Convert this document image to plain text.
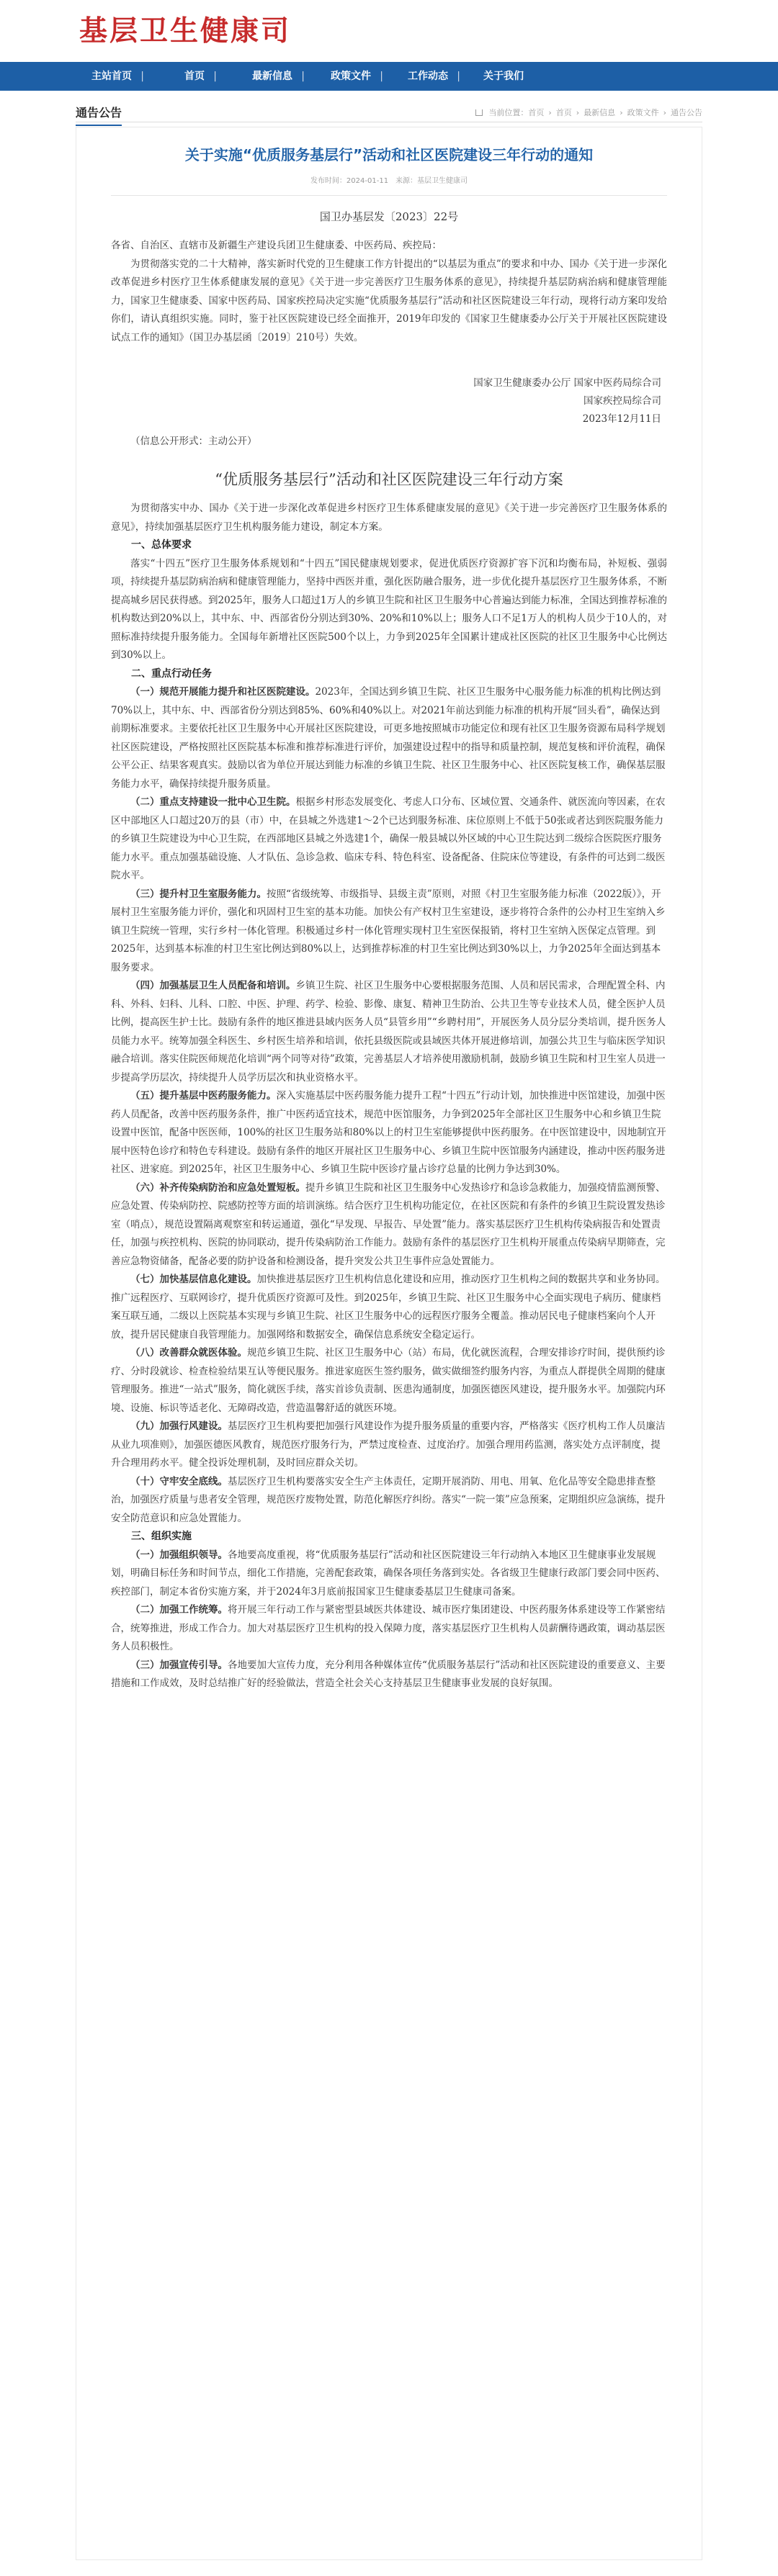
基层卫生健康司
主站首页 |	首页 |	最新信息 |	政策文件 |	工作动态 |	关于我们
通告公告	当前位置：首页 › 首页 › 最新信息 › 政策文件 › 通告公告
关于实施“优质服务基层行”活动和社区医院建设三年行动的通知
发布时间：2024-01-11 来源：基层卫生健康司
国卫办基层发〔2023〕22号
各省、自治区、直辖市及新疆生产建设兵团卫生健康委、中医药局、疾控局：
为贯彻落实党的二十大精神，落实新时代党的卫生健康工作方针提出的“以基层为重点”的要求和中办、国办《关于进一步深化改革促进乡村医疗卫生体系健康发展的意见》《关于进一步完善医疗卫生服务体系的意见》，持续提升基层防病治病和健康管理能力，国家卫生健康委、国家中医药局、国家疾控局决定实施“优质服务基层行”活动和社区医院建设三年行动，现将行动方案印发给你们，请认真组织实施。同时，鉴于社区医院建设已经全面推开，2019年印发的《国家卫生健康委办公厅关于开展社区医院建设试点工作的通知》（国卫办基层函〔2019〕210号）失效。
国家卫生健康委办公厅 国家中医药局综合司
国家疾控局综合司
2023年12月11日
（信息公开形式：主动公开）
“优质服务基层行”活动和社区医院建设三年行动方案
为贯彻落实中办、国办《关于进一步深化改革促进乡村医疗卫生体系健康发展的意见》《关于进一步完善医疗卫生服务体系的意见》，持续加强基层医疗卫生机构服务能力建设，制定本方案。
一、总体要求
落实“十四五”医疗卫生服务体系规划和“十四五”国民健康规划要求，促进优质医疗资源扩容下沉和均衡布局，补短板、强弱项，持续提升基层防病治病和健康管理能力，坚持中西医并重，强化医防融合服务，进一步优化提升基层医疗卫生服务体系，不断提高城乡居民获得感。到2025年，服务人口超过1万人的乡镇卫生院和社区卫生服务中心普遍达到能力标准，全国达到推荐标准的机构数达到20%以上，其中东、中、西部省份分别达到30%、20%和10%以上；服务人口不足1万人的机构人员少于10人的，对照标准持续提升服务能力。全国每年新增社区医院500个以上，力争到2025年全国累计建成社区医院的社区卫生服务中心比例达到30%以上。
二、重点行动任务
（一）规范开展能力提升和社区医院建设。2023年，全国达到乡镇卫生院、社区卫生服务中心服务能力标准的机构比例达到70%以上，其中东、中、西部省份分别达到85%、60%和40%以上。对2021年前达到能力标准的机构开展“回头看”，确保达到前期标准要求。主要依托社区卫生服务中心开展社区医院建设，可更多地按照城市功能定位和现有社区卫生服务资源布局科学规划社区医院建设，严格按照社区医院基本标准和推荐标准进行评价，加强建设过程中的指导和质量控制，规范复核和评价流程，确保公平公正、结果客观真实。鼓励以省为单位开展达到能力标准的乡镇卫生院、社区卫生服务中心、社区医院复核工作，确保基层服务能力水平，确保持续提升服务质量。
（二）重点支持建设一批中心卫生院。根据乡村形态发展变化、考虑人口分布、区域位置、交通条件、就医流向等因素，在农区中部地区人口超过20万的县（市）中，在县城之外选建1～2个已达到服务标准、床位原则上不低于50张或者达到医院服务能力的乡镇卫生院建设为中心卫生院，在西部地区县城之外选建1个，确保一般县城以外区域的中心卫生院达到二级综合医院医疗服务能力水平。重点加强基础设施、人才队伍、急诊急救、临床专科、特色科室、设备配备、住院床位等建设，有条件的可达到二级医院水平。
（三）提升村卫生室服务能力。按照“省级统筹、市级指导、县级主责”原则，对照《村卫生室服务能力标准（2022版）》，开展村卫生室服务能力评价，强化和巩固村卫生室的基本功能。加快公有产权村卫生室建设，逐步将符合条件的公办村卫生室纳入乡镇卫生院统一管理，实行乡村一体化管理。积极通过乡村一体化管理实现村卫生室医保报销，将村卫生室纳入医保定点管理。到2025年，达到基本标准的村卫生室比例达到80%以上，达到推荐标准的村卫生室比例达到30%以上，力争2025年全面达到基本服务要求。
（四）加强基层卫生人员配备和培训。乡镇卫生院、社区卫生服务中心要根据服务范围、人员和居民需求，合理配置全科、内科、外科、妇科、儿科、口腔、中医、护理、药学、检验、影像、康复、精神卫生防治、公共卫生等专业技术人员，健全医护人员比例，提高医生护士比。鼓励有条件的地区推进县域内医务人员“县管乡用”“乡聘村用”，开展医务人员分层分类培训，提升医务人员能力水平。统筹加强全科医生、乡村医生培养和培训，依托县级医院或县域医共体开展进修培训，加强公共卫生与临床医学知识融合培训。落实住院医师规范化培训“两个同等对待”政策，完善基层人才培养使用激励机制，鼓励乡镇卫生院和村卫生室人员进一步提高学历层次，持续提升人员学历层次和执业资格水平。
（五）提升基层中医药服务能力。深入实施基层中医药服务能力提升工程“十四五”行动计划，加快推进中医馆建设，加强中医药人员配备，改善中医药服务条件，推广中医药适宜技术，规范中医馆服务，力争到2025年全部社区卫生服务中心和乡镇卫生院设置中医馆，配备中医医师，100%的社区卫生服务站和80%以上的村卫生室能够提供中医药服务。在中医馆建设中，因地制宜开展中医特色诊疗和特色专科建设。鼓励有条件的地区开展社区卫生服务中心、乡镇卫生院中医馆服务内涵建设，推动中医药服务进社区、进家庭。到2025年，社区卫生服务中心、乡镇卫生院中医诊疗量占诊疗总量的比例力争达到30%。
（六）补齐传染病防治和应急处置短板。提升乡镇卫生院和社区卫生服务中心发热诊疗和急诊急救能力，加强疫情监测预警、应急处置、传染病防控、院感防控等方面的培训演练。结合医疗卫生机构功能定位，在社区医院和有条件的乡镇卫生院设置发热诊室（哨点），规范设置隔离观察室和转运通道，强化“早发现、早报告、早处置”能力。落实基层医疗卫生机构传染病报告和处置责任，加强与疾控机构、医院的协同联动，提升传染病防治工作能力。鼓励有条件的基层医疗卫生机构开展重点传染病早期筛查，完善应急物资储备，配备必要的防护设备和检测设备，提升突发公共卫生事件应急处置能力。
（七）加快基层信息化建设。加快推进基层医疗卫生机构信息化建设和应用，推动医疗卫生机构之间的数据共享和业务协同。推广远程医疗、互联网诊疗，提升优质医疗资源可及性。到2025年，乡镇卫生院、社区卫生服务中心全面实现电子病历、健康档案互联互通，二级以上医院基本实现与乡镇卫生院、社区卫生服务中心的远程医疗服务全覆盖。推动居民电子健康档案向个人开放，提升居民健康自我管理能力。加强网络和数据安全，确保信息系统安全稳定运行。
（八）改善群众就医体验。规范乡镇卫生院、社区卫生服务中心（站）布局，优化就医流程，合理安排诊疗时间，提供预约诊疗、分时段就诊、检查检验结果互认等便民服务。推进家庭医生签约服务，做实做细签约服务内容，为重点人群提供全周期的健康管理服务。推进“一站式”服务，简化就医手续，落实首诊负责制、医患沟通制度，加强医德医风建设，提升服务水平。加强院内环境、设施、标识等适老化、无障碍改造，营造温馨舒适的就医环境。
（九）加强行风建设。基层医疗卫生机构要把加强行风建设作为提升服务质量的重要内容，严格落实《医疗机构工作人员廉洁从业九项准则》，加强医德医风教育，规范医疗服务行为，严禁过度检查、过度治疗。加强合理用药监测，落实处方点评制度，提升合理用药水平。健全投诉处理机制，及时回应群众关切。
（十）守牢安全底线。基层医疗卫生机构要落实安全生产主体责任，定期开展消防、用电、用氧、危化品等安全隐患排查整治，加强医疗质量与患者安全管理，规范医疗废物处置，防范化解医疗纠纷。落实“一院一策”应急预案，定期组织应急演练，提升安全防范意识和应急处置能力。
三、组织实施
（一）加强组织领导。各地要高度重视，将“优质服务基层行”活动和社区医院建设三年行动纳入本地区卫生健康事业发展规划，明确目标任务和时间节点，细化工作措施，完善配套政策，确保各项任务落到实处。各省级卫生健康行政部门要会同中医药、疾控部门，制定本省份实施方案，并于2024年3月底前报国家卫生健康委基层卫生健康司备案。
（二）加强工作统筹。将开展三年行动工作与紧密型县域医共体建设、城市医疗集团建设、中医药服务体系建设等工作紧密结合，统筹推进，形成工作合力。加大对基层医疗卫生机构的投入保障力度，落实基层医疗卫生机构人员薪酬待遇政策，调动基层医务人员积极性。
（三）加强宣传引导。各地要加大宣传力度，充分利用各种媒体宣传“优质服务基层行”活动和社区医院建设的重要意义、主要措施和工作成效，及时总结推广好的经验做法，营造全社会关心支持基层卫生健康事业发展的良好氛围。
